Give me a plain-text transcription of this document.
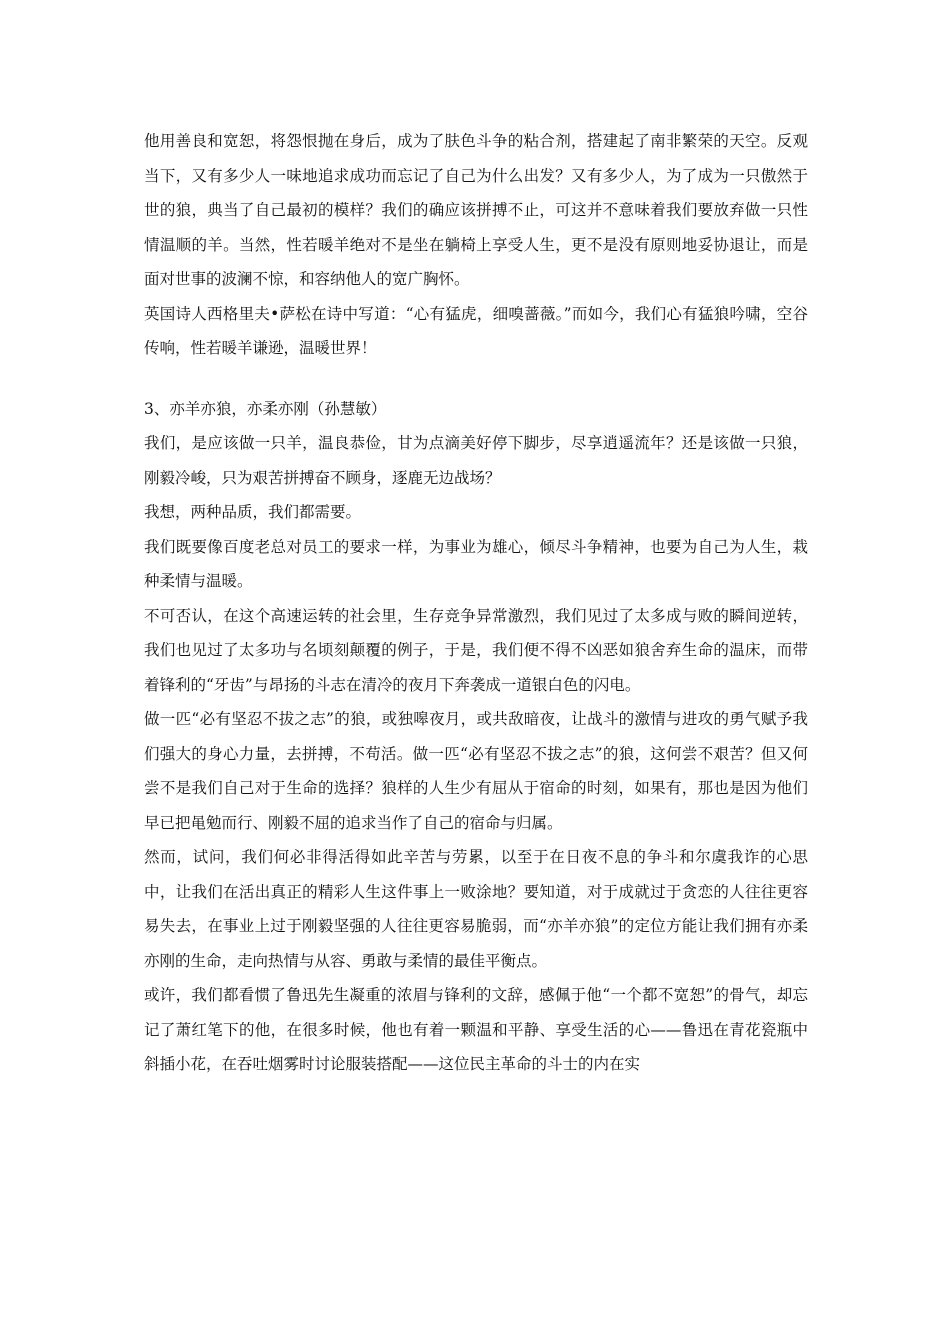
他用善良和宽恕，将怨恨抛在身后，成为了肤色斗争的粘合剂，搭建起了南非繁荣的天空。反观当下，又有多少人一味地追求成功而忘记了自己为什么出发？又有多少人，为了成为一只傲然于世的狼，典当了自己最初的模样？我们的确应该拼搏不止，可这并不意味着我们要放弃做一只性情温顺的羊。当然，性若暖羊绝对不是坐在躺椅上享受人生，更不是没有原则地妥协退让，而是面对世事的波澜不惊，和容纳他人的宽广胸怀。

英国诗人西格里夫•萨松在诗中写道：“心有猛虎，细嗅蔷薇。”而如今，我们心有猛狼吟啸，空谷传响，性若暖羊谦逊，温暖世界！

3、亦羊亦狼，亦柔亦刚（孙慧敏）

我们，是应该做一只羊，温良恭俭，甘为点滴美好停下脚步，尽享逍遥流年？还是该做一只狼，刚毅冷峻，只为艰苦拼搏奋不顾身，逐鹿无边战场？

我想，两种品质，我们都需要。

我们既要像百度老总对员工的要求一样，为事业为雄心，倾尽斗争精神，也要为自己为人生，栽种柔情与温暖。

不可否认，在这个高速运转的社会里，生存竞争异常激烈，我们见过了太多成与败的瞬间逆转，我们也见过了太多功与名顷刻颠覆的例子，于是，我们便不得不凶恶如狼舍弃生命的温床，而带着锋利的“牙齿”与昂扬的斗志在清冷的夜月下奔袭成一道银白色的闪电。

做一匹“必有坚忍不拔之志”的狼，或独嗥夜月，或共敌暗夜，让战斗的激情与进攻的勇气赋予我们强大的身心力量，去拼搏，不苟活。做一匹“必有坚忍不拔之志”的狼，这何尝不艰苦？但又何尝不是我们自己对于生命的选择？狼样的人生少有屈从于宿命的时刻，如果有，那也是因为他们早已把黾勉而行、刚毅不屈的追求当作了自己的宿命与归属。

然而，试问，我们何必非得活得如此辛苦与劳累，以至于在日夜不息的争斗和尔虞我诈的心思中，让我们在活出真正的精彩人生这件事上一败涂地？要知道，对于成就过于贪恋的人往往更容易失去，在事业上过于刚毅坚强的人往往更容易脆弱，而“亦羊亦狼”的定位方能让我们拥有亦柔亦刚的生命，走向热情与从容、勇敢与柔情的最佳平衡点。

或许，我们都看惯了鲁迅先生凝重的浓眉与锋利的文辞，感佩于他“一个都不宽恕”的骨气，却忘记了萧红笔下的他，在很多时候，他也有着一颗温和平静、享受生活的心——鲁迅在青花瓷瓶中斜插小花，在吞吐烟雾时讨论服装搭配——这位民主革命的斗士的内在实
